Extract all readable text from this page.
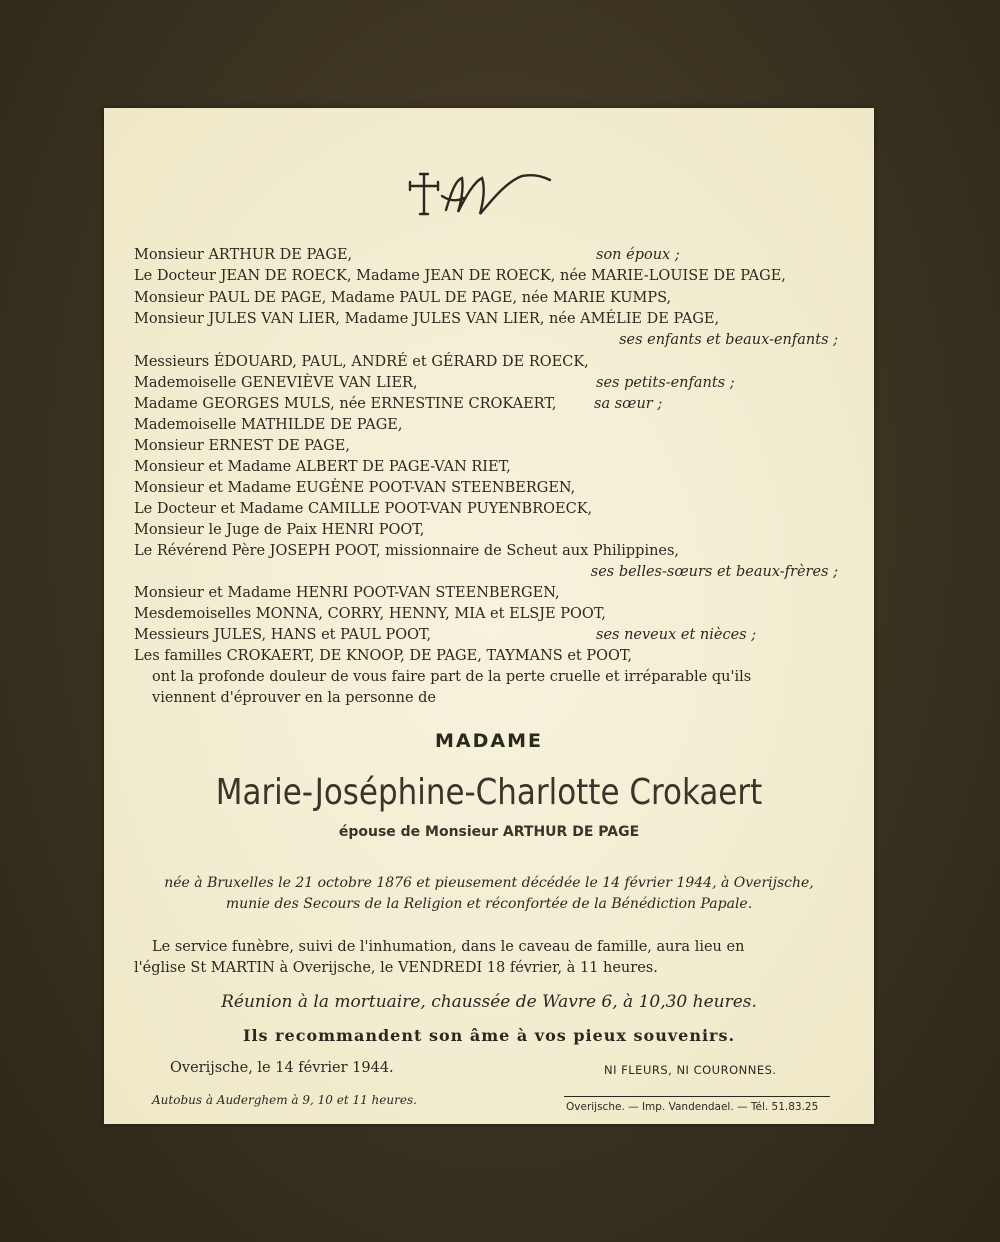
Monsieur ARTHUR DE PAGE,	son époux ;
Le Docteur JEAN DE ROECK, Madame JEAN DE ROECK, née MARIE-LOUISE DE PAGE,
Monsieur PAUL DE PAGE, Madame PAUL DE PAGE, née MARIE KUMPS,
Monsieur JULES VAN LIER, Madame JULES VAN LIER, née AMÉLIE DE PAGE,
ses enfants et beaux-enfants ;
Messieurs ÉDOUARD, PAUL, ANDRÉ et GÉRARD DE ROECK,
Mademoiselle GENEVIÈVE VAN LIER,	ses petits-enfants ;
Madame GEORGES MULS, née ERNESTINE CROKAERT,	sa sœur ;
Mademoiselle MATHILDE DE PAGE,
Monsieur ERNEST DE PAGE,
Monsieur et Madame ALBERT DE PAGE-VAN RIET,
Monsieur et Madame EUGÈNE POOT-VAN STEENBERGEN,
Le Docteur et Madame CAMILLE POOT-VAN PUYENBROECK,
Monsieur le Juge de Paix HENRI POOT,
Le Révérend Père JOSEPH POOT, missionnaire de Scheut aux Philippines,
ses belles-sœurs et beaux-frères ;
Monsieur et Madame HENRI POOT-VAN STEENBERGEN,
Mesdemoiselles MONNA, CORRY, HENNY, MIA et ELSJE POOT,
Messieurs JULES, HANS et PAUL POOT,	ses neveux et nièces ;
Les familles CROKAERT, DE KNOOP, DE PAGE, TAYMANS et POOT,
ont la profonde douleur de vous faire part de la perte cruelle et irréparable qu'ils
viennent d'éprouver en la personne de
MADAME
Marie-Joséphine-Charlotte Crokaert
épouse de Monsieur ARTHUR DE PAGE
née à Bruxelles le 21 octobre 1876 et pieusement décédée le 14 février 1944, à Overijsche,
munie des Secours de la Religion et réconfortée de la Bénédiction Papale.
Le service funèbre, suivi de l'inhumation, dans le caveau de famille, aura lieu en
l'église St MARTIN à Overijsche, le VENDREDI 18 février, à 11 heures.
Réunion à la mortuaire, chaussée de Wavre 6, à 10,30 heures.
Ils recommandent son âme à vos pieux souvenirs.
Overijsche, le 14 février 1944.	NI FLEURS, NI COURONNES.
Autobus à Auderghem à 9, 10 et 11 heures.	Overijsche. — Imp. Vandendael. — Tél. 51.83.25
